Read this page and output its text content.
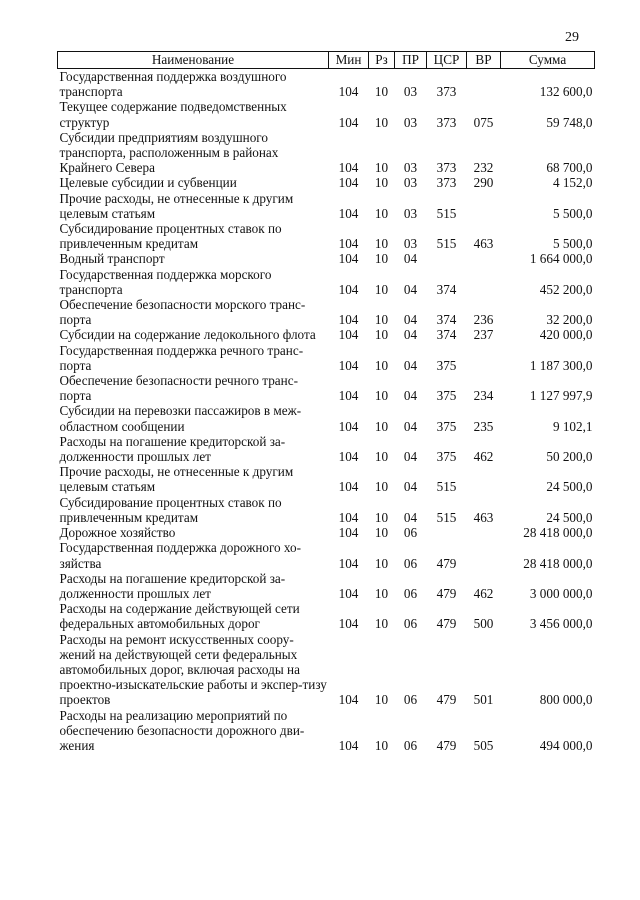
29
Наименование	Мин	Рз	ПР	ЦСР	ВР	Сумма
Государственная поддержка воздушного транспорта	104	10	03	373		132 600,0
Текущее содержание подведомственных структур	104	10	03	373	075	59 748,0
Субсидии предприятиям воздушного транспорта, расположенным в районах Крайнего Севера	104	10	03	373	232	68 700,0
Целевые субсидии и субвенции	104	10	03	373	290	4 152,0
Прочие расходы, не отнесенные к другим целевым статьям	104	10	03	515		5 500,0
Субсидирование процентных ставок по привлеченным кредитам	104	10	03	515	463	5 500,0
Водный транспорт	104	10	04			1 664 000,0
Государственная поддержка морского транспорта	104	10	04	374		452 200,0
Обеспечение безопасности морского транс-порта	104	10	04	374	236	32 200,0
Субсидии на содержание ледокольного флота	104	10	04	374	237	420 000,0
Государственная поддержка речного транс-порта	104	10	04	375		1 187 300,0
Обеспечение безопасности речного транс-порта	104	10	04	375	234	1 127 997,9
Субсидии на перевозки пассажиров в меж-областном сообщении	104	10	04	375	235	9 102,1
Расходы на погашение кредиторской за-долженности прошлых лет	104	10	04	375	462	50 200,0
Прочие расходы, не отнесенные к другим целевым статьям	104	10	04	515		24 500,0
Субсидирование процентных ставок по привлеченным кредитам	104	10	04	515	463	24 500,0
Дорожное хозяйство	104	10	06			28 418 000,0
Государственная поддержка дорожного хо-зяйства	104	10	06	479		28 418 000,0
Расходы на погашение кредиторской за-долженности прошлых лет	104	10	06	479	462	3 000 000,0
Расходы на содержание действующей сети федеральных автомобильных дорог	104	10	06	479	500	3 456 000,0
Расходы на ремонт искусственных соору-жений на действующей сети федеральных автомобильных дорог, включая расходы на проектно-изыскательские работы и экспер-тизу проектов	104	10	06	479	501	800 000,0
Расходы на реализацию мероприятий по обеспечению безопасности дорожного дви-жения	104	10	06	479	505	494 000,0
